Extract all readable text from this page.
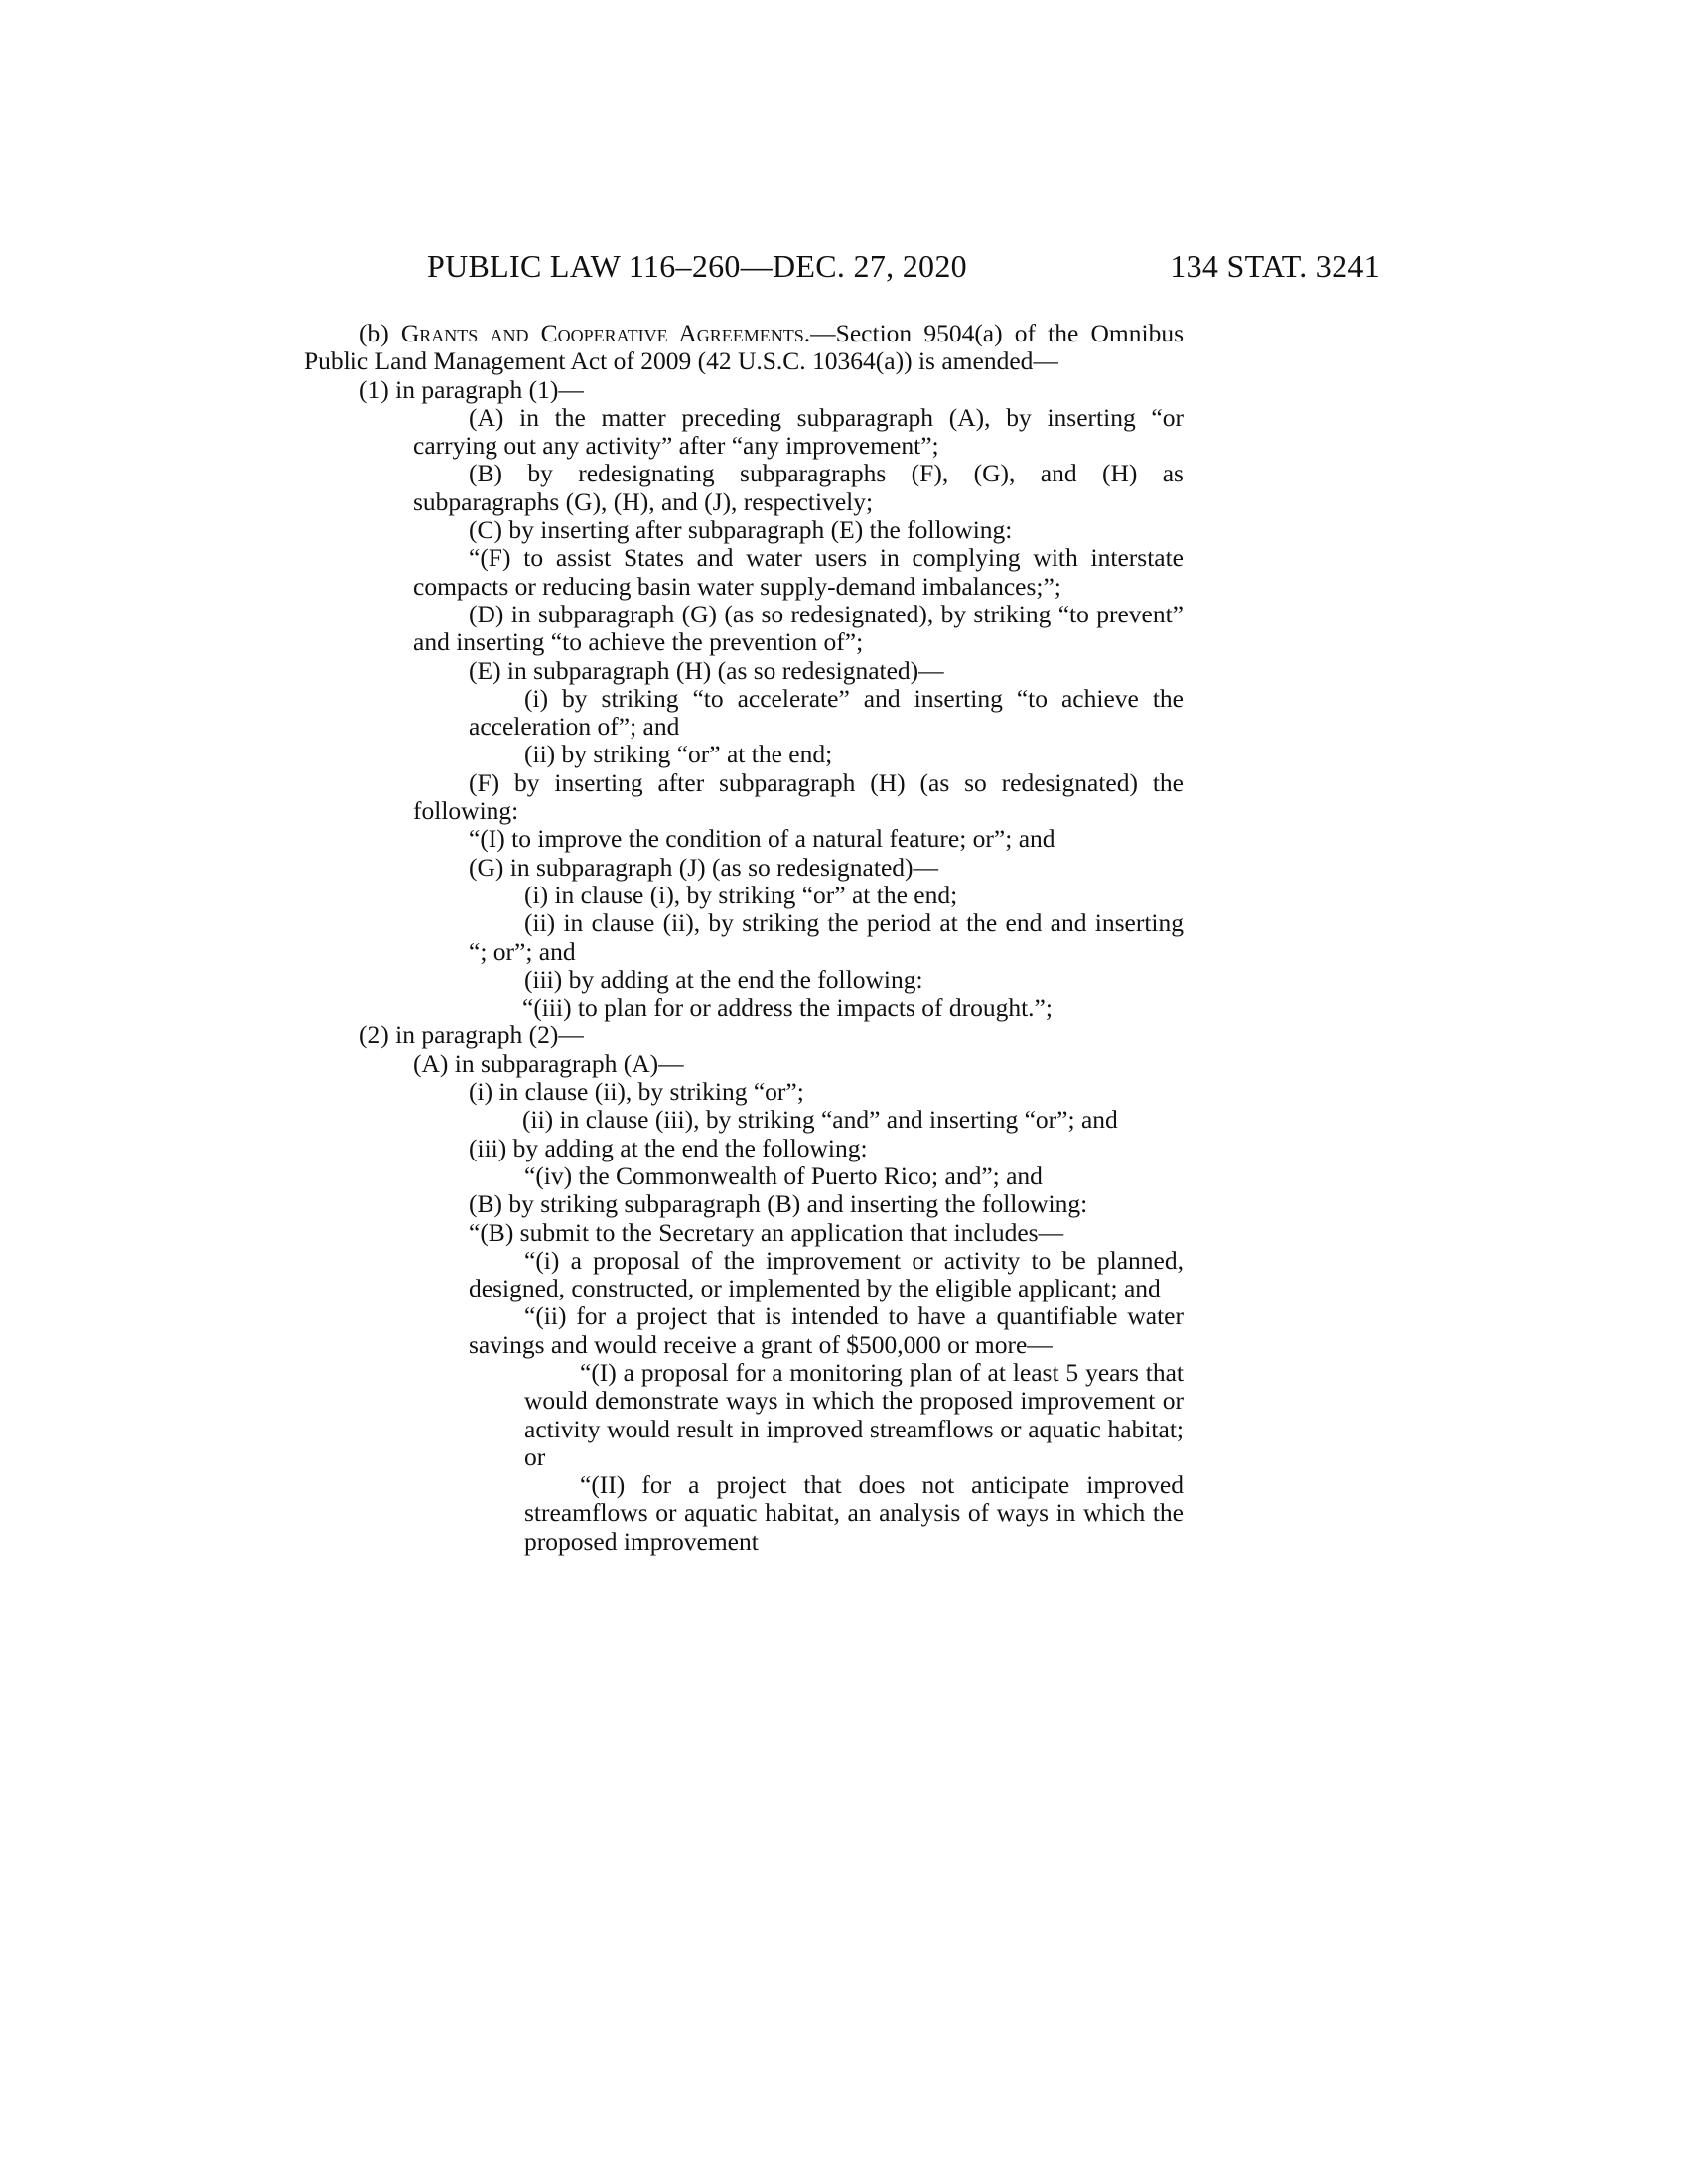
PUBLIC LAW 116–260—DEC. 27, 2020	134 STAT. 3241

(b) Grants and Cooperative Agreements.—Section 9504(a) of the Omnibus Public Land Management Act of 2009 (42 U.S.C. 10364(a)) is amended—

(1) in paragraph (1)—

(A) in the matter preceding subparagraph (A), by inserting “or carrying out any activity” after “any improvement”;

(B) by redesignating subparagraphs (F), (G), and (H) as subparagraphs (G), (H), and (J), respectively;

(C) by inserting after subparagraph (E) the following:

“(F) to assist States and water users in complying with interstate compacts or reducing basin water supply-demand imbalances;”;

(D) in subparagraph (G) (as so redesignated), by striking “to prevent” and inserting “to achieve the prevention of”;

(E) in subparagraph (H) (as so redesignated)—

(i) by striking “to accelerate” and inserting “to achieve the acceleration of”; and

(ii) by striking “or” at the end;

(F) by inserting after subparagraph (H) (as so redesignated) the following:

“(I) to improve the condition of a natural feature; or”; and

(G) in subparagraph (J) (as so redesignated)—

(i) in clause (i), by striking “or” at the end;

(ii) in clause (ii), by striking the period at the end and inserting “; or”; and

(iii) by adding at the end the following:

“(iii) to plan for or address the impacts of drought.”;

(2) in paragraph (2)—

(A) in subparagraph (A)—

(i) in clause (ii), by striking “or”;

(ii) in clause (iii), by striking “and” and inserting “or”; and

(iii) by adding at the end the following:

“(iv) the Commonwealth of Puerto Rico; and”; and

(B) by striking subparagraph (B) and inserting the following:

“(B) submit to the Secretary an application that includes—

“(i) a proposal of the improvement or activity to be planned, designed, constructed, or implemented by the eligible applicant; and

“(ii) for a project that is intended to have a quantifiable water savings and would receive a grant of $500,000 or more—

“(I) a proposal for a monitoring plan of at least 5 years that would demonstrate ways in which the proposed improvement or activity would result in improved streamflows or aquatic habitat; or

“(II) for a project that does not anticipate improved streamflows or aquatic habitat, an analysis of ways in which the proposed improvement
